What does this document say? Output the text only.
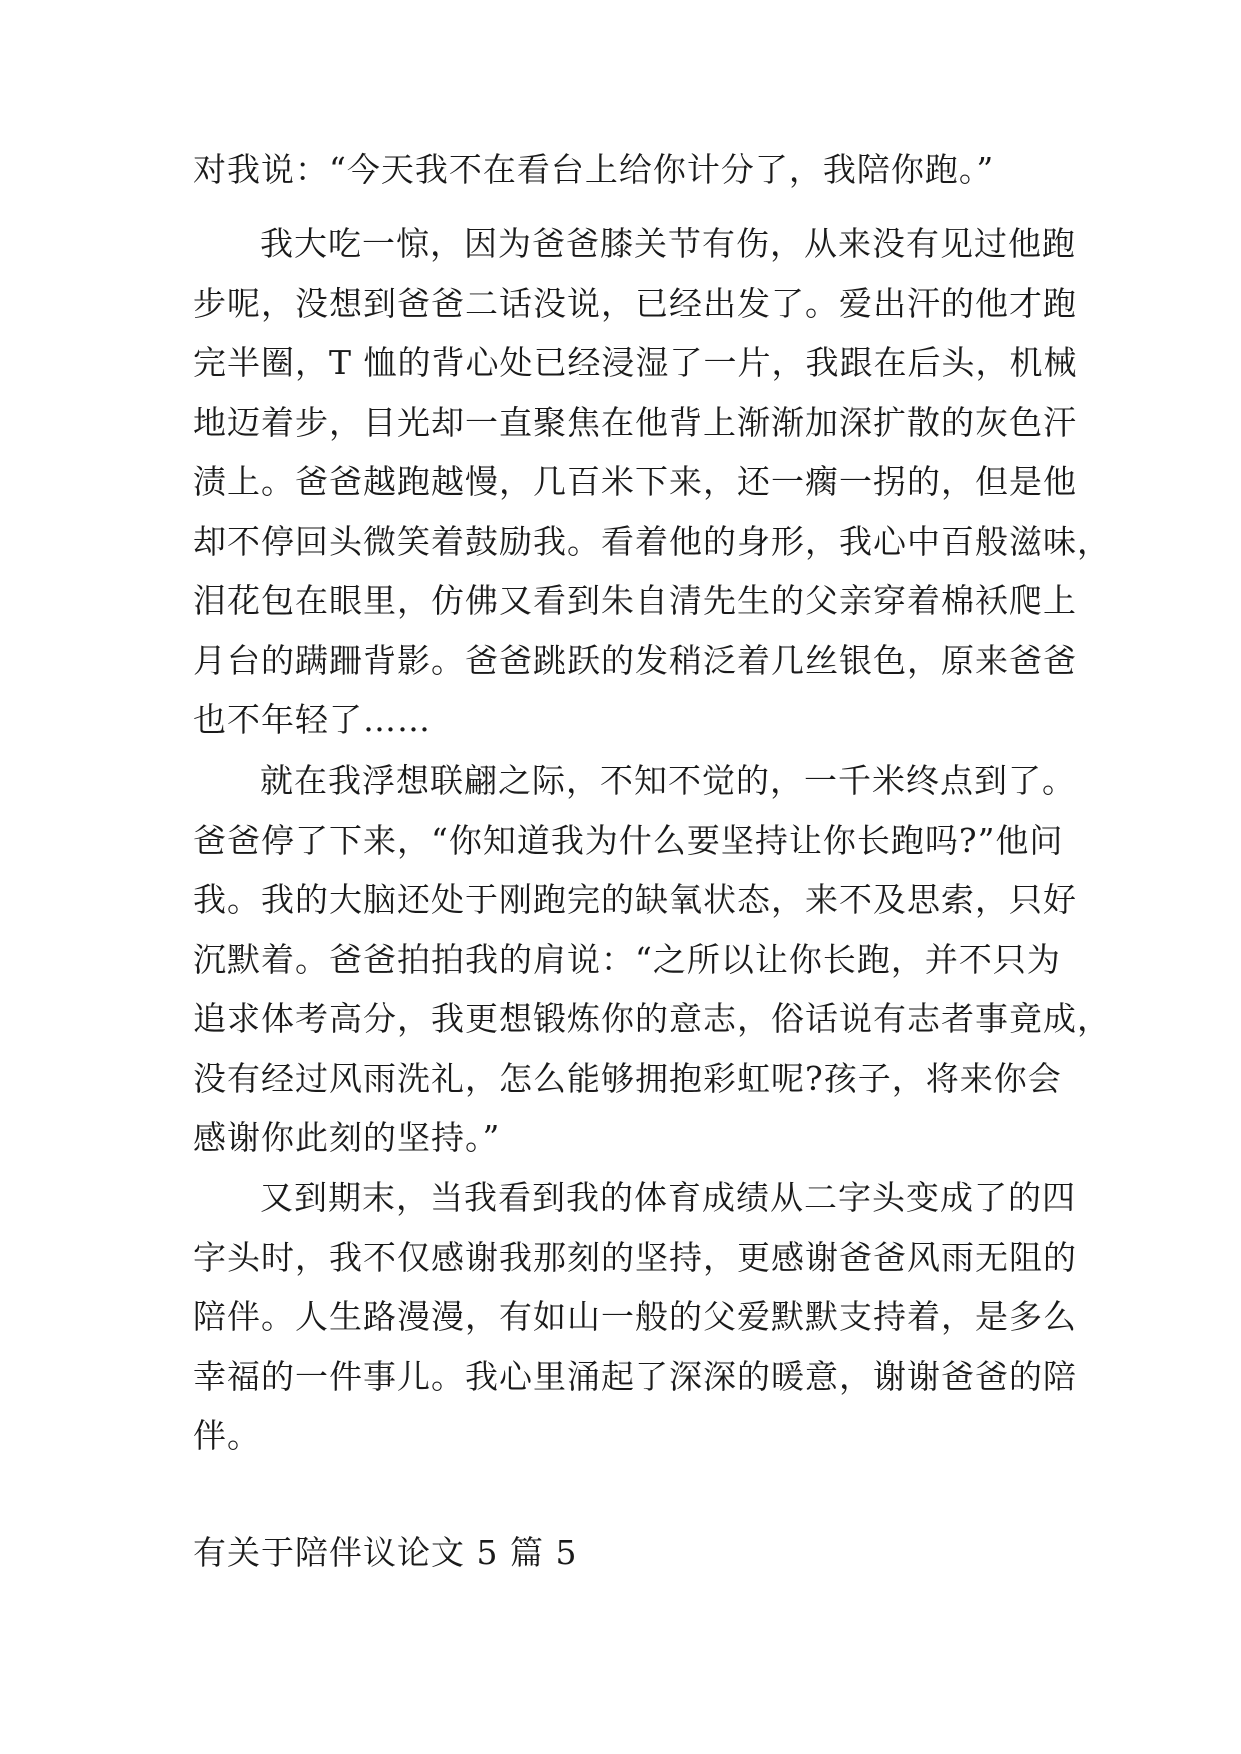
对我说：“今天我不在看台上给你计分了，我陪你跑。”
我大吃一惊，因为爸爸膝关节有伤，从来没有见过他跑
步呢，没想到爸爸二话没说，已经出发了。爱出汗的他才跑
完半圈，T 恤的背心处已经浸湿了一片，我跟在后头，机械
地迈着步，目光却一直聚焦在他背上渐渐加深扩散的灰色汗
渍上。爸爸越跑越慢，几百米下来，还一瘸一拐的，但是他
却不停回头微笑着鼓励我。看着他的身形，我心中百般滋味，
泪花包在眼里，仿佛又看到朱自清先生的父亲穿着棉袄爬上
月台的蹒跚背影。爸爸跳跃的发稍泛着几丝银色，原来爸爸
也不年轻了……
就在我浮想联翩之际，不知不觉的，一千米终点到了。
爸爸停了下来，“你知道我为什么要坚持让你长跑吗?”他问
我。我的大脑还处于刚跑完的缺氧状态，来不及思索，只好
沉默着。爸爸拍拍我的肩说：“之所以让你长跑，并不只为
追求体考高分，我更想锻炼你的意志，俗话说有志者事竟成，
没有经过风雨洗礼，怎么能够拥抱彩虹呢?孩子，将来你会
感谢你此刻的坚持。”
又到期末，当我看到我的体育成绩从二字头变成了的四
字头时，我不仅感谢我那刻的坚持，更感谢爸爸风雨无阻的
陪伴。人生路漫漫，有如山一般的父爱默默支持着，是多么
幸福的一件事儿。我心里涌起了深深的暖意，谢谢爸爸的陪
伴。
有关于陪伴议论文 5 篇 5
